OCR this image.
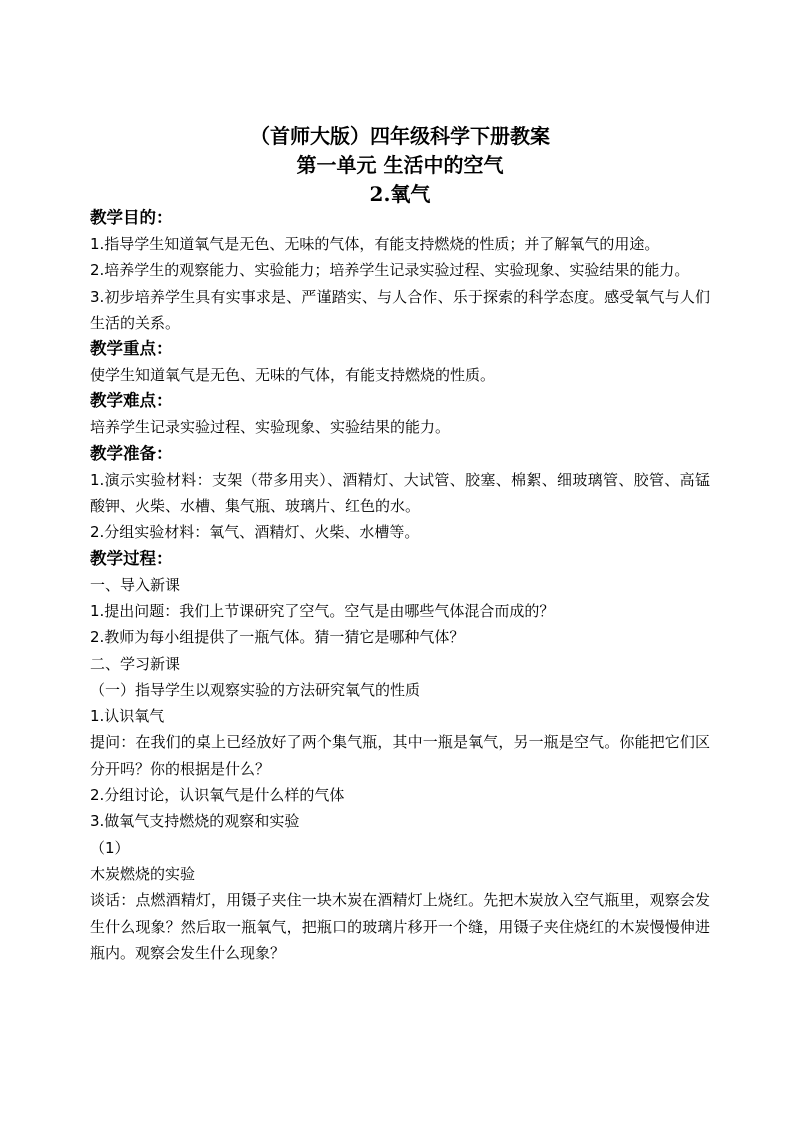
（首师大版）四年级科学下册教案
第一单元 生活中的空气
2.氧气
教学目的：
1.指导学生知道氧气是无色、无味的气体，有能支持燃烧的性质；并了解氧气的用途。
2.培养学生的观察能力、实验能力；培养学生记录实验过程、实验现象、实验结果的能力。
3.初步培养学生具有实事求是、严谨踏实、与人合作、乐于探索的科学态度。感受氧气与人们生活的关系。
教学重点：
使学生知道氧气是无色、无味的气体，有能支持燃烧的性质。
教学难点：
培养学生记录实验过程、实验现象、实验结果的能力。
教学准备：
1.演示实验材料：支架（带多用夹）、酒精灯、大试管、胶塞、棉絮、细玻璃管、胶管、高锰酸钾、火柴、水槽、集气瓶、玻璃片、红色的水。
2.分组实验材料：氧气、酒精灯、火柴、水槽等。
教学过程：
一、导入新课
1.提出问题：我们上节课研究了空气。空气是由哪些气体混合而成的？
2.教师为每小组提供了一瓶气体。猜一猜它是哪种气体？
二、学习新课
（一）指导学生以观察实验的方法研究氧气的性质
1.认识氧气
提问：在我们的桌上已经放好了两个集气瓶，其中一瓶是氧气，另一瓶是空气。你能把它们区分开吗？你的根据是什么？
2.分组讨论，认识氧气是什么样的气体
3.做氧气支持燃烧的观察和实验
（1）
木炭燃烧的实验
谈话：点燃酒精灯，用镊子夹住一块木炭在酒精灯上烧红。先把木炭放入空气瓶里，观察会发生什么现象？然后取一瓶氧气，把瓶口的玻璃片移开一个缝，用镊子夹住烧红的木炭慢慢伸进瓶内。观察会发生什么现象？
